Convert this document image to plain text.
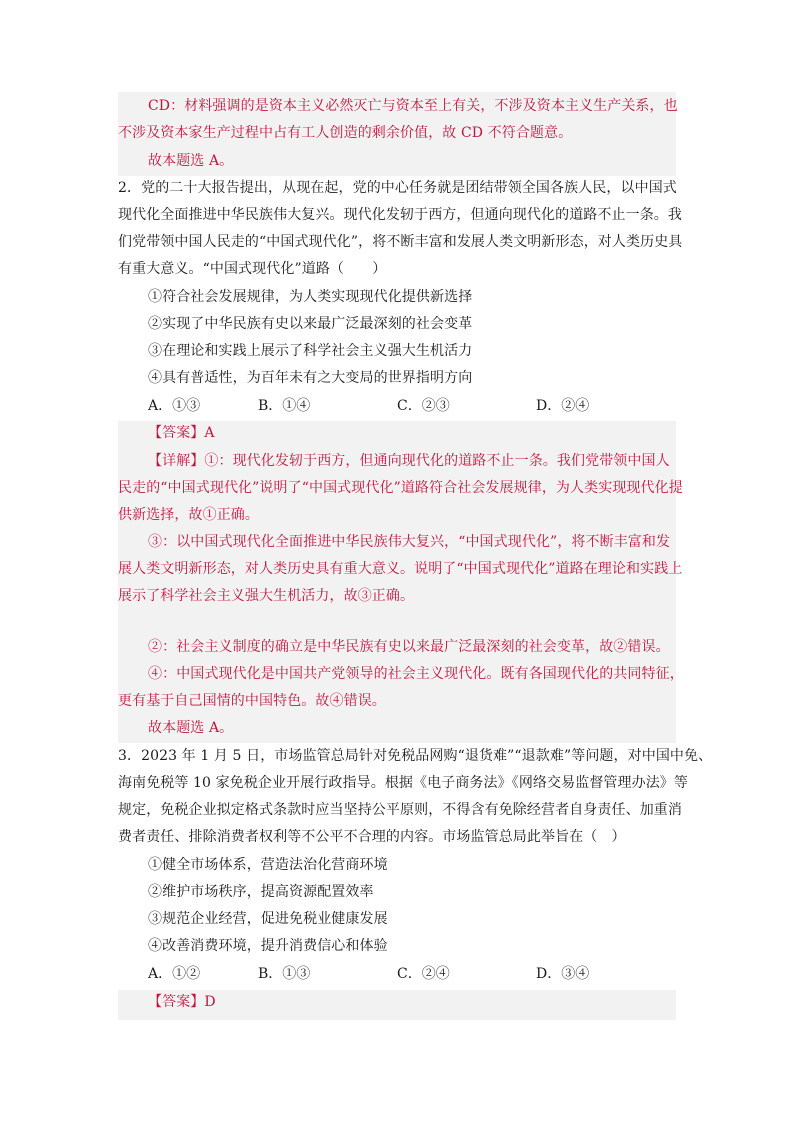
CD：材料强调的是资本主义必然灭亡与资本至上有关，不涉及资本主义生产关系，也
不涉及资本家生产过程中占有工人创造的剩余价值，故 CD 不符合题意。
故本题选 A。
2．党的二十大报告提出，从现在起，党的中心任务就是团结带领全国各族人民，以中国式
现代化全面推进中华民族伟大复兴。现代化发轫于西方，但通向现代化的道路不止一条。我
们党带领中国人民走的“中国式现代化”，将不断丰富和发展人类文明新形态，对人类历史具
有重大意义。“中国式现代化”道路（　　）
①符合社会发展规律，为人类实现现代化提供新选择
②实现了中华民族有史以来最广泛最深刻的社会变革
③在理论和实践上展示了科学社会主义强大生机活力
④具有普适性，为百年未有之大变局的世界指明方向
A．①③	B．①④	C．②③	D．②④
【答案】A
【详解】①：现代化发轫于西方，但通向现代化的道路不止一条。我们党带领中国人
民走的“中国式现代化”说明了“中国式现代化”道路符合社会发展规律，为人类实现现代化提
供新选择，故①正确。
③：以中国式现代化全面推进中华民族伟大复兴，“中国式现代化”，将不断丰富和发
展人类文明新形态，对人类历史具有重大意义。说明了“中国式现代化”道路在理论和实践上
展示了科学社会主义强大生机活力，故③正确。
②：社会主义制度的确立是中华民族有史以来最广泛最深刻的社会变革，故②错误。
④：中国式现代化是中国共产党领导的社会主义现代化。既有各国现代化的共同特征，
更有基于自己国情的中国特色。故④错误。
故本题选 A。
3．2023 年 1 月 5 日，市场监管总局针对免税品网购“退货难”“退款难”等问题，对中国中免、
海南免税等 10 家免税企业开展行政指导。根据《电子商务法》《网络交易监督管理办法》等
规定，免税企业拟定格式条款时应当坚持公平原则，不得含有免除经营者自身责任、加重消
费者责任、排除消费者权利等不公平不合理的内容。市场监管总局此举旨在（　）
①健全市场体系，营造法治化营商环境
②维护市场秩序，提高资源配置效率
③规范企业经营，促进免税业健康发展
④改善消费环境，提升消费信心和体验
A．①②	B．①③	C．②④	D．③④
【答案】D
